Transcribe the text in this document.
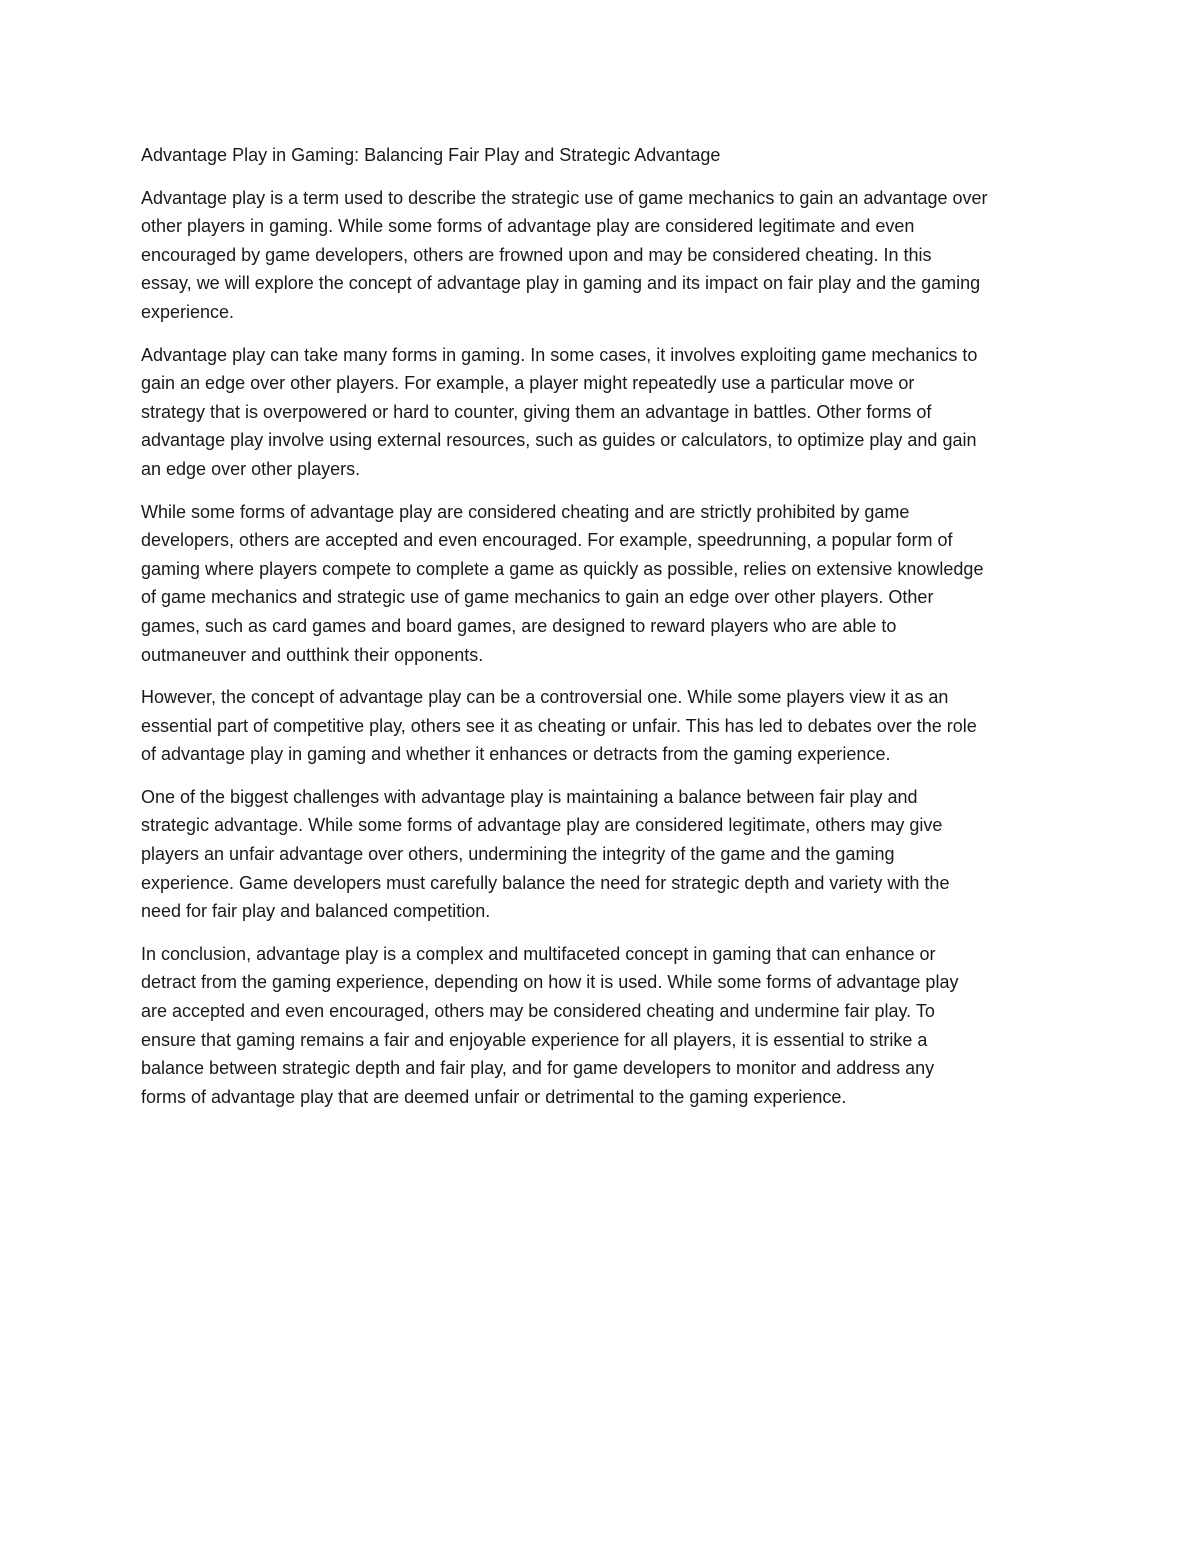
Advantage Play in Gaming: Balancing Fair Play and Strategic Advantage

Advantage play is a term used to describe the strategic use of game mechanics to gain an advantage over
other players in gaming. While some forms of advantage play are considered legitimate and even
encouraged by game developers, others are frowned upon and may be considered cheating. In this
essay, we will explore the concept of advantage play in gaming and its impact on fair play and the gaming
experience.

Advantage play can take many forms in gaming. In some cases, it involves exploiting game mechanics to
gain an edge over other players. For example, a player might repeatedly use a particular move or
strategy that is overpowered or hard to counter, giving them an advantage in battles. Other forms of
advantage play involve using external resources, such as guides or calculators, to optimize play and gain
an edge over other players.

While some forms of advantage play are considered cheating and are strictly prohibited by game
developers, others are accepted and even encouraged. For example, speedrunning, a popular form of
gaming where players compete to complete a game as quickly as possible, relies on extensive knowledge
of game mechanics and strategic use of game mechanics to gain an edge over other players. Other
games, such as card games and board games, are designed to reward players who are able to
outmaneuver and outthink their opponents.

However, the concept of advantage play can be a controversial one. While some players view it as an
essential part of competitive play, others see it as cheating or unfair. This has led to debates over the role
of advantage play in gaming and whether it enhances or detracts from the gaming experience.

One of the biggest challenges with advantage play is maintaining a balance between fair play and
strategic advantage. While some forms of advantage play are considered legitimate, others may give
players an unfair advantage over others, undermining the integrity of the game and the gaming
experience. Game developers must carefully balance the need for strategic depth and variety with the
need for fair play and balanced competition.

In conclusion, advantage play is a complex and multifaceted concept in gaming that can enhance or
detract from the gaming experience, depending on how it is used. While some forms of advantage play
are accepted and even encouraged, others may be considered cheating and undermine fair play. To
ensure that gaming remains a fair and enjoyable experience for all players, it is essential to strike a
balance between strategic depth and fair play, and for game developers to monitor and address any
forms of advantage play that are deemed unfair or detrimental to the gaming experience.
